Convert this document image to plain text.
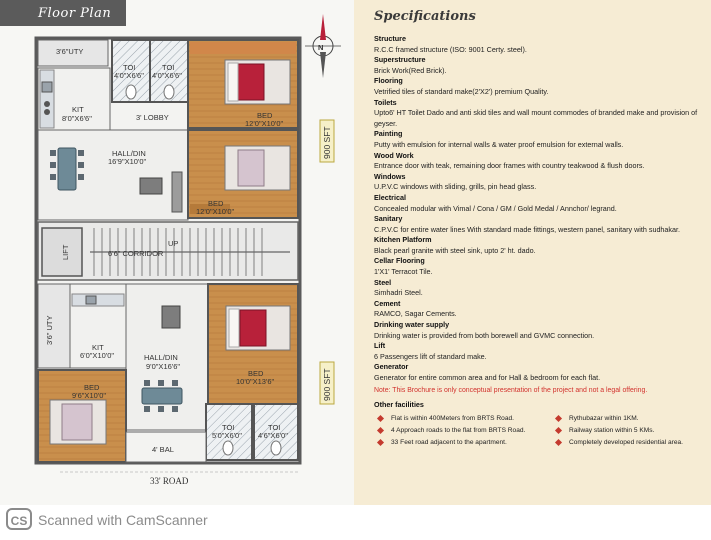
N
900 SFT
900 SFT
3'6"UTY
TOI
4'0"X6'6"
TOI
4'0"X6'6"
KIT
8'0"X6'6"	3' LOBBY
HALL/DIN
16'9"X10'0"
BED
12'0"X10'0"
BED
12'0"X10'0"
LIFT	6'6" CORRIDOR
UP
3'6" UTY
KIT
6'0"X10'0"	HALL/DIN
9'0"X16'6"
BED
10'0"X13'6"
BED
9'6"X10'0"
TOI
5'0"X6'0"
TOI
4'6"X6'0"
4' BAL
33' ROAD
Floor Plan	Specifications
Structure
R.C.C framed structure (ISO: 9001 Certy. steel).
Superstructure
Brick Work(Red Brick).
Flooring
Vetrified tiles of standard make(2'X2') premium Quality.
Toilets
Upto6' HT Toilet Dado and anti skid tiles and wall mount commodes of branded make and provision of geyser.
Painting
Putty with emulsion for internal walls & water proof emulsion for external walls.
Wood Work
Entrance door with teak, remaining door frames with country teakwood & flush doors.
Windows
U.P.V.C windows with sliding, grills, pin head glass.
Electrical
Concealed modular with Vimal / Cona / GM / Gold Medal / Annchor/ legrand.
Sanitary
C.P.V.C for entire water lines With standard made fittings, western panel, sanitary with sudhakar.
Kitchen Platform
Black pearl granite with steel sink, upto 2' ht. dado.
Cellar Flooring
1'X1' Terracot Tile.
Steel
Simhadri Steel.
Cement
RAMCO, Sagar Cements.
Drinking water supply
Drinking water is provided from both borewell and GVMC connection.
Lift
6 Passengers lift of standard make.
Generator
Generator for entire common area and for Hall & bedroom for each flat.
Note: This Brochure is only conceptual presentation of the project and not a legal offering.
Other facilities
Flat is within 400Meters from BRTS Road.	Rythubazar within 1KM.
4 Approach roads to the flat from BRTS Road.	Railway station within 5 KMs.
33 Feet road adjacent to the apartment.	Completely developed residential area.
CS Scanned with CamScanner
